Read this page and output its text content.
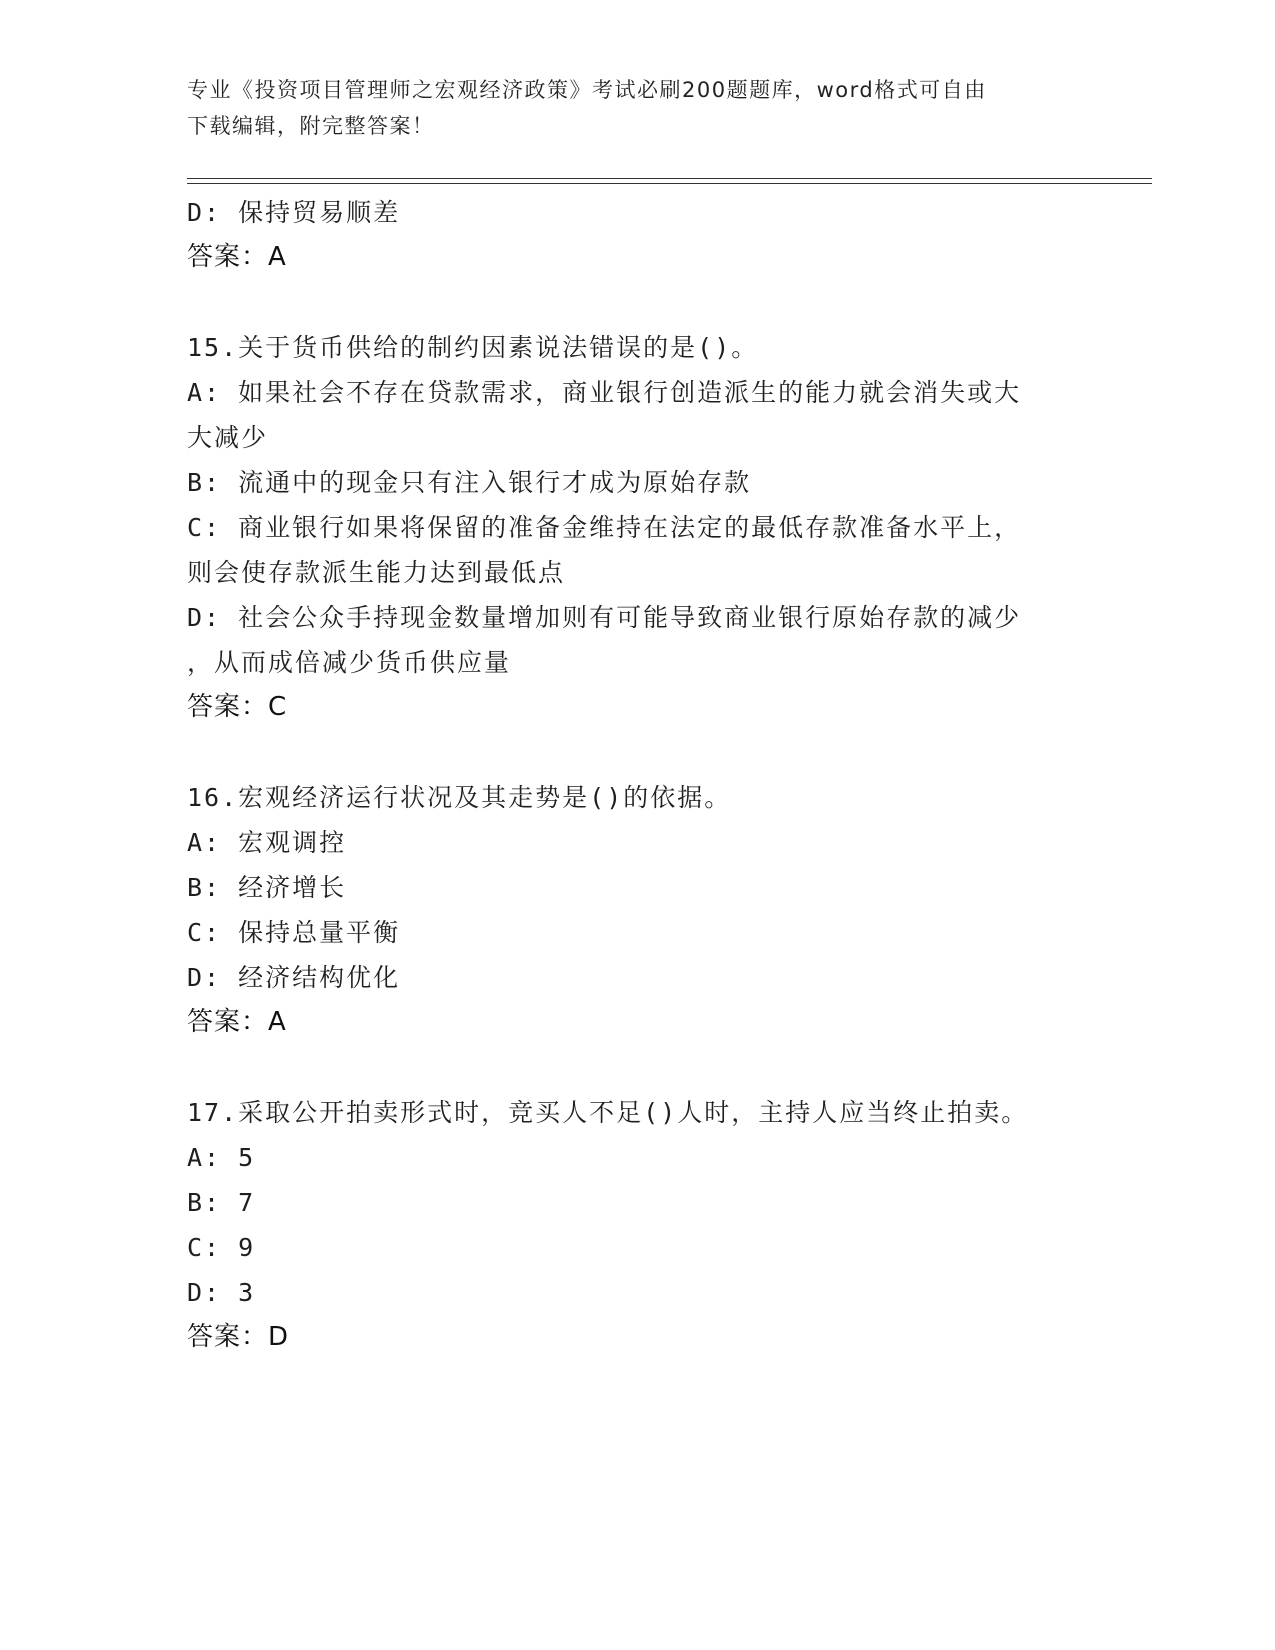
专业《投资项目管理师之宏观经济政策》考试必刷200题题库，word格式可自由
下载编辑，附完整答案！
D: 保持贸易顺差
答案：A
15.关于货币供给的制约因素说法错误的是()。
A: 如果社会不存在贷款需求，商业银行创造派生的能力就会消失或大
大减少
B: 流通中的现金只有注入银行才成为原始存款
C: 商业银行如果将保留的准备金维持在法定的最低存款准备水平上，
则会使存款派生能力达到最低点
D: 社会公众手持现金数量增加则有可能导致商业银行原始存款的减少
，从而成倍减少货币供应量
答案：C
16.宏观经济运行状况及其走势是()的依据。
A: 宏观调控
B: 经济增长
C: 保持总量平衡
D: 经济结构优化
答案：A
17.采取公开拍卖形式时，竞买人不足()人时，主持人应当终止拍卖。
A: 5
B: 7
C: 9
D: 3
答案：D
